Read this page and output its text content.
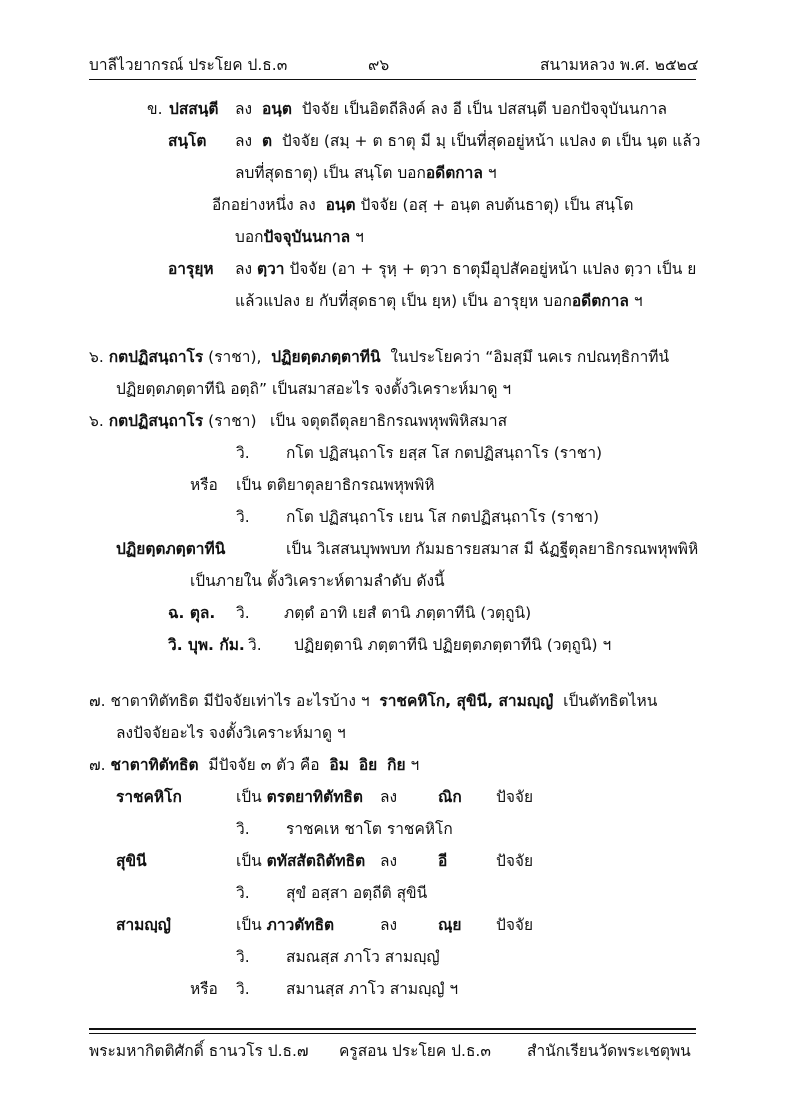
บาลีไวยากรณ์ ประโยค ป.ธ.๓	๙๖	สนามหลวง พ.ศ. ๒๕๒๔
ข. ปสสนฺตี ลง อนฺต ปัจจัย เป็นอิตถีลิงค์ ลง อี เป็น ปสสนฺตี บอกปัจจุบันนกาล
สนฺโต ลง ต ปัจจัย (สมฺ + ต ธาตุ มี มฺ เป็นที่สุดอยู่หน้า แปลง ต เป็น นฺต แล้ว
ลบที่สุดธาตุ) เป็น สนฺโต บอกอดีตกาล ฯ
อีกอย่างหนึ่ง ลง อนฺต ปัจจัย (อสฺ + อนฺต ลบต้นธาตุ) เป็น สนฺโต
บอกปัจจุบันนกาล ฯ
อารุยฺห ลง ตฺวา ปัจจัย (อา + รุหฺ + ตฺวา ธาตุมีอุปสัคอยู่หน้า แปลง ตฺวา เป็น ย
แล้วแปลง ย กับที่สุดธาตุ เป็น ยฺห) เป็น อารุยฺห บอกอดีตกาล ฯ
๖. กตปฏิสนฺถาโร (ราชา), ปฏิยตฺตภตฺตาทีนิ ในประโยคว่า “อิมสฺมึ นคเร กปณทฺธิกาทีนํ
ปฏิยตฺตภตฺตาทีนิ อตฺถิ” เป็นสมาสอะไร จงตั้งวิเคราะห์มาดู ฯ
๖. กตปฏิสนฺถาโร (ราชา) เป็น จตุตถีตุลยาธิกรณพหุพพิหิสมาส
วิ. กโต ปฏิสนฺถาโร ยสฺส โส กตปฏิสนฺถาโร (ราชา)
หรือ เป็น ตติยาตุลยาธิกรณพหุพพิหิ
วิ. กโต ปฏิสนฺถาโร เยน โส กตปฏิสนฺถาโร (ราชา)
ปฏิยตฺตภตฺตาทีนิ	เป็น วิเสสนบุพพบท กัมมธารยสมาส มี ฉัฏฐีตุลยาธิกรณพหุพพิหิ
เป็นภายใน ตั้งวิเคราะห์ตามลำดับ ดังนี้
ฉ. ตุล. วิ. ภตฺตํ อาทิ เยสํ ตานิ ภตฺตาทีนิ (วตฺถูนิ)
วิ. บุพ. กัม. วิ. ปฏิยตฺตานิ ภตฺตาทีนิ ปฏิยตฺตภตฺตาทีนิ (วตฺถูนิ) ฯ
๗. ชาตาทิตัทธิต มีปัจจัยเท่าไร อะไรบ้าง ฯ ราชคหิโก, สุขินี, สามญฺญํ เป็นตัทธิตไหน
ลงปัจจัยอะไร จงตั้งวิเคราะห์มาดู ฯ
๗. ชาตาทิตัทธิต มีปัจจัย ๓ ตัว คือ อิม อิย กิย ฯ
ราชคหิโก	เป็น ตรตยาทิตัทธิต ลง	ณิก ปัจจัย
วิ. ราชคเห ชาโต ราชคหิโก
สุขินี	เป็น ตทัสสัตถิตัทธิต ลง	อี	ปัจจัย
วิ. สุขํ อสฺสา อตฺถีติ สุขินี
สามญฺญํ	เป็น ภาวตัทธิต	ลง	ณฺย ปัจจัย
วิ. สมณสฺส ภาโว สามญฺญํ
หรือ วิ. สมานสฺส ภาโว สามญฺญํ ฯ
พระมหากิตติศักดิ์ ธานวโร ป.ธ.๗ ครูสอน ประโยค ป.ธ.๓ สำนักเรียนวัดพระเชตุพน
